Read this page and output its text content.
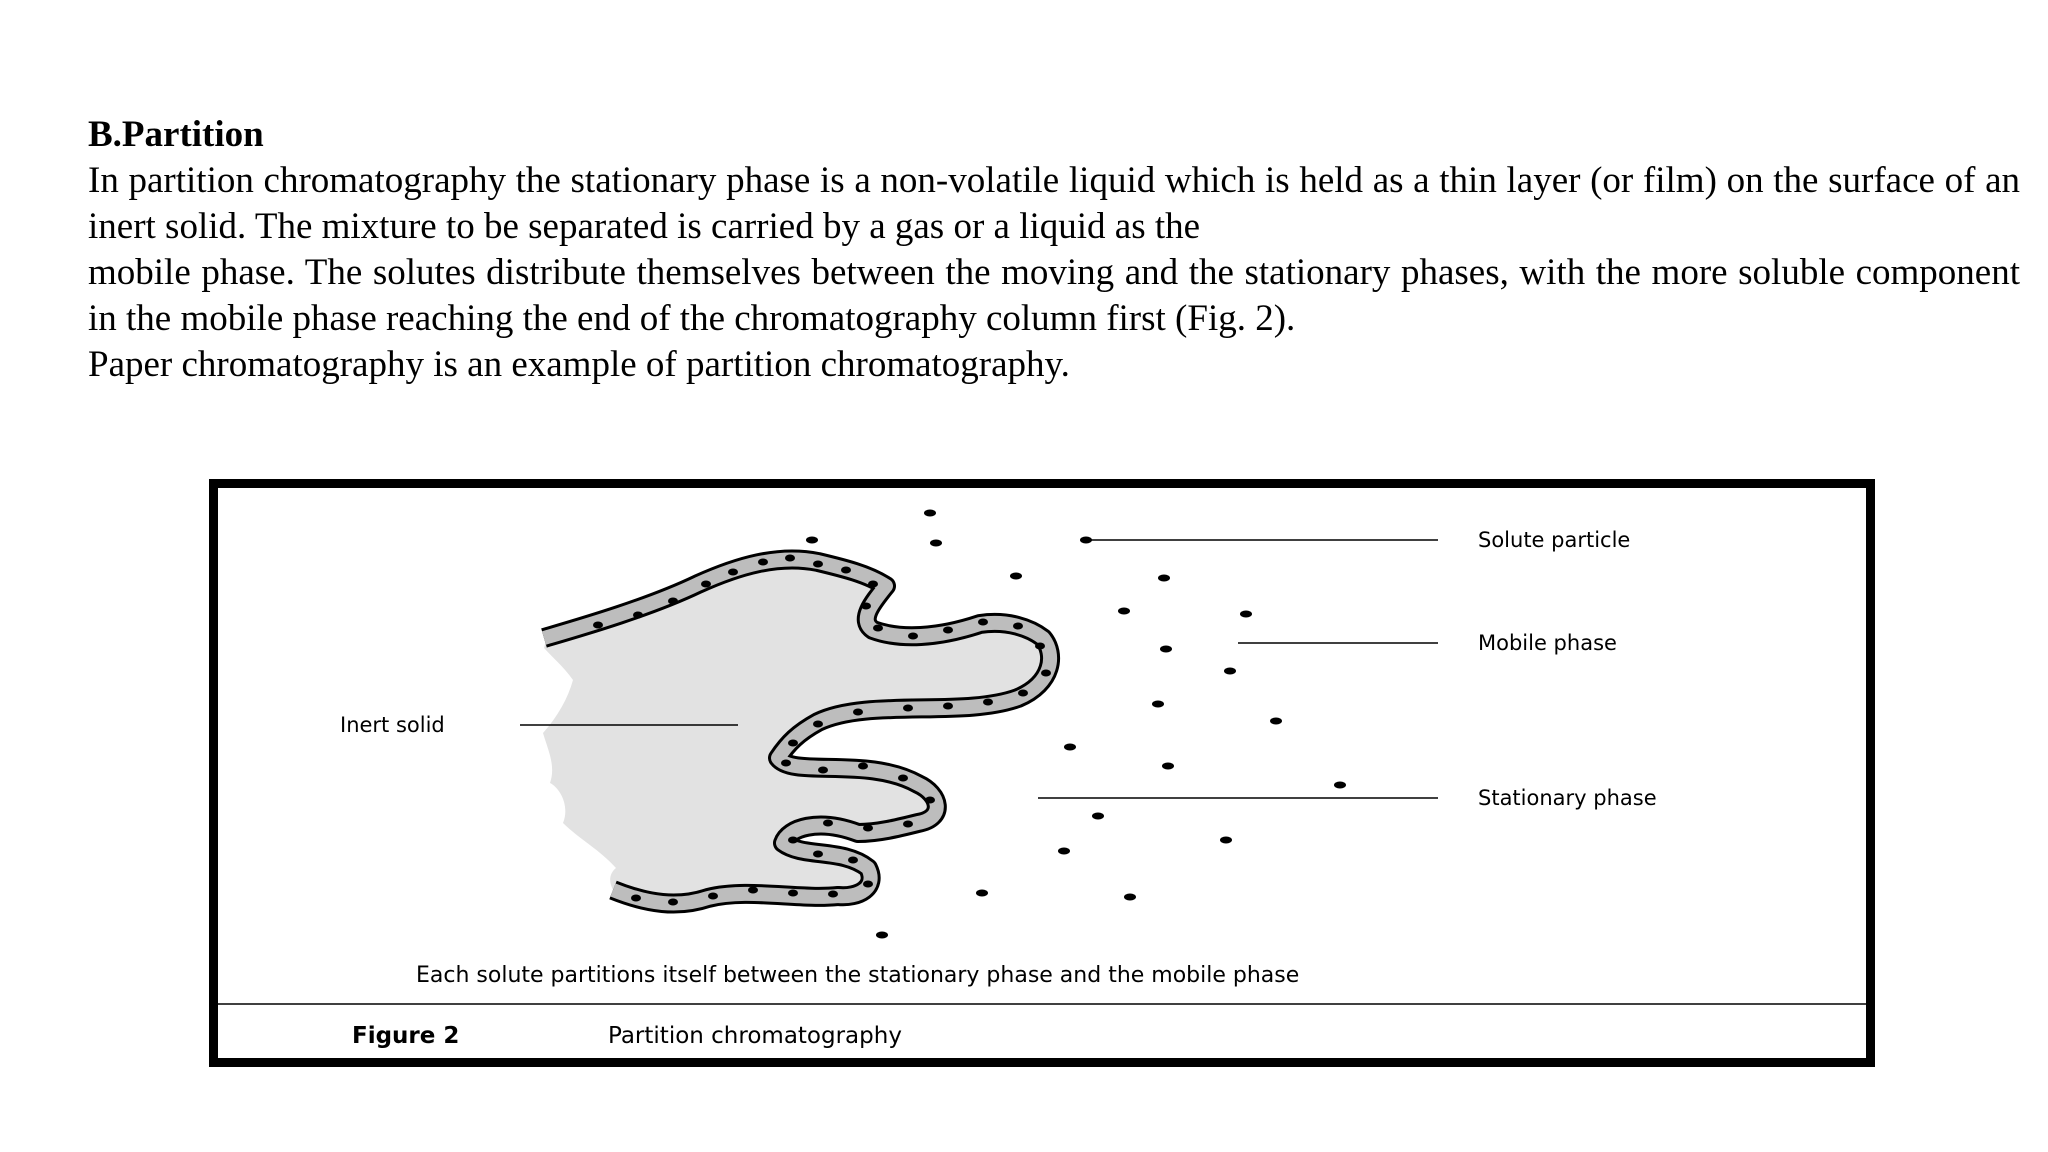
B.Partition

In partition chromatography the stationary phase is a non-volatile liquid which is held as a thin layer (or film) on the surface of an inert solid. The mixture to be separated is carried by a gas or a liquid as the

mobile phase. The solutes distribute themselves between the moving and the stationary phases, with the more soluble component in the mobile phase reaching the end of the chromatography column first (Fig. 2).

Paper chromatography is an example of partition chromatography.

Solute particle
Mobile phase
Inert solid
Stationary phase
Each solute partitions itself between the stationary phase and the mobile phase
Figure 2	Partition chromatography
